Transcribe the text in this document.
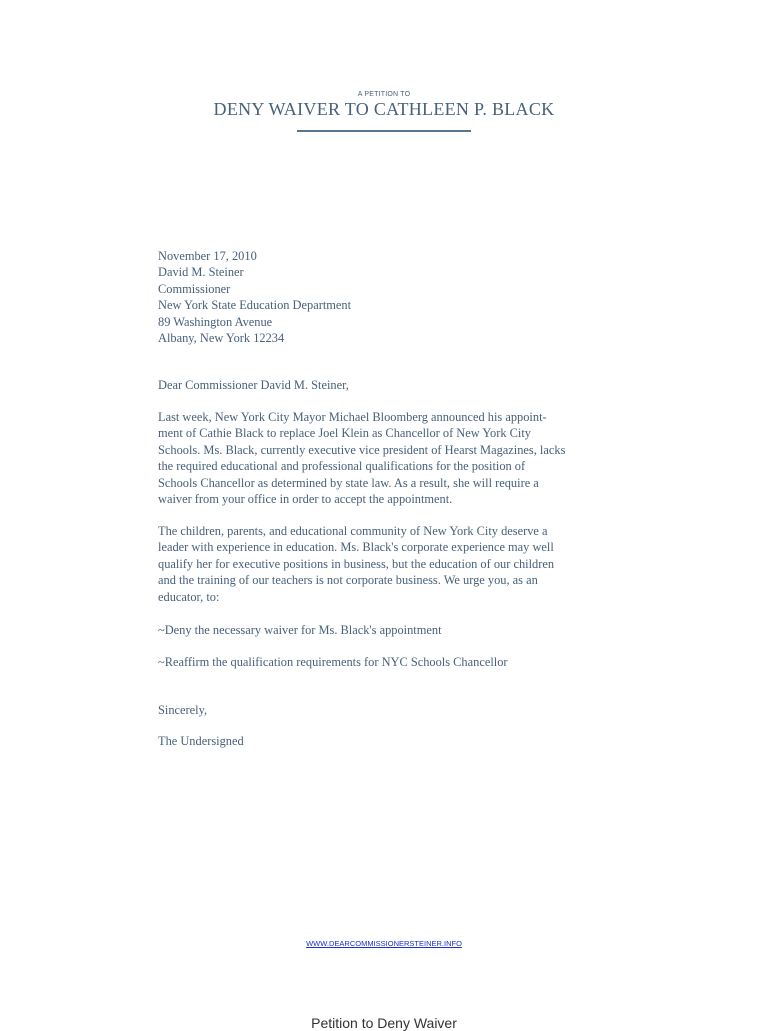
A PETITION TO
DENY WAIVER TO CATHLEEN P. BLACK
November 17, 2010
David M. Steiner
Commissioner
New York State Education Department
89 Washington Avenue
Albany, New York 12234
Dear Commissioner David M. Steiner,
Last week, New York City Mayor Michael Bloomberg announced his appoint-
ment of Cathie Black to replace Joel Klein as Chancellor of New York City
Schools. Ms. Black, currently executive vice president of Hearst Magazines, lacks
the required educational and professional qualifications for the position of
Schools Chancellor as determined by state law. As a result, she will require a
waiver from your office in order to accept the appointment.
The children, parents, and educational community of New York City deserve a
leader with experience in education. Ms. Black's corporate experience may well
qualify her for executive positions in business, but the education of our children
and the training of our teachers is not corporate business. We urge you, as an
educator, to:
~Deny the necessary waiver for Ms. Black's appointment
~Reaffirm the qualification requirements for NYC Schools Chancellor
Sincerely,
The Undersigned
WWW.DEARCOMMISSIONERSTEINER.INFO
Petition to Deny Waiver
